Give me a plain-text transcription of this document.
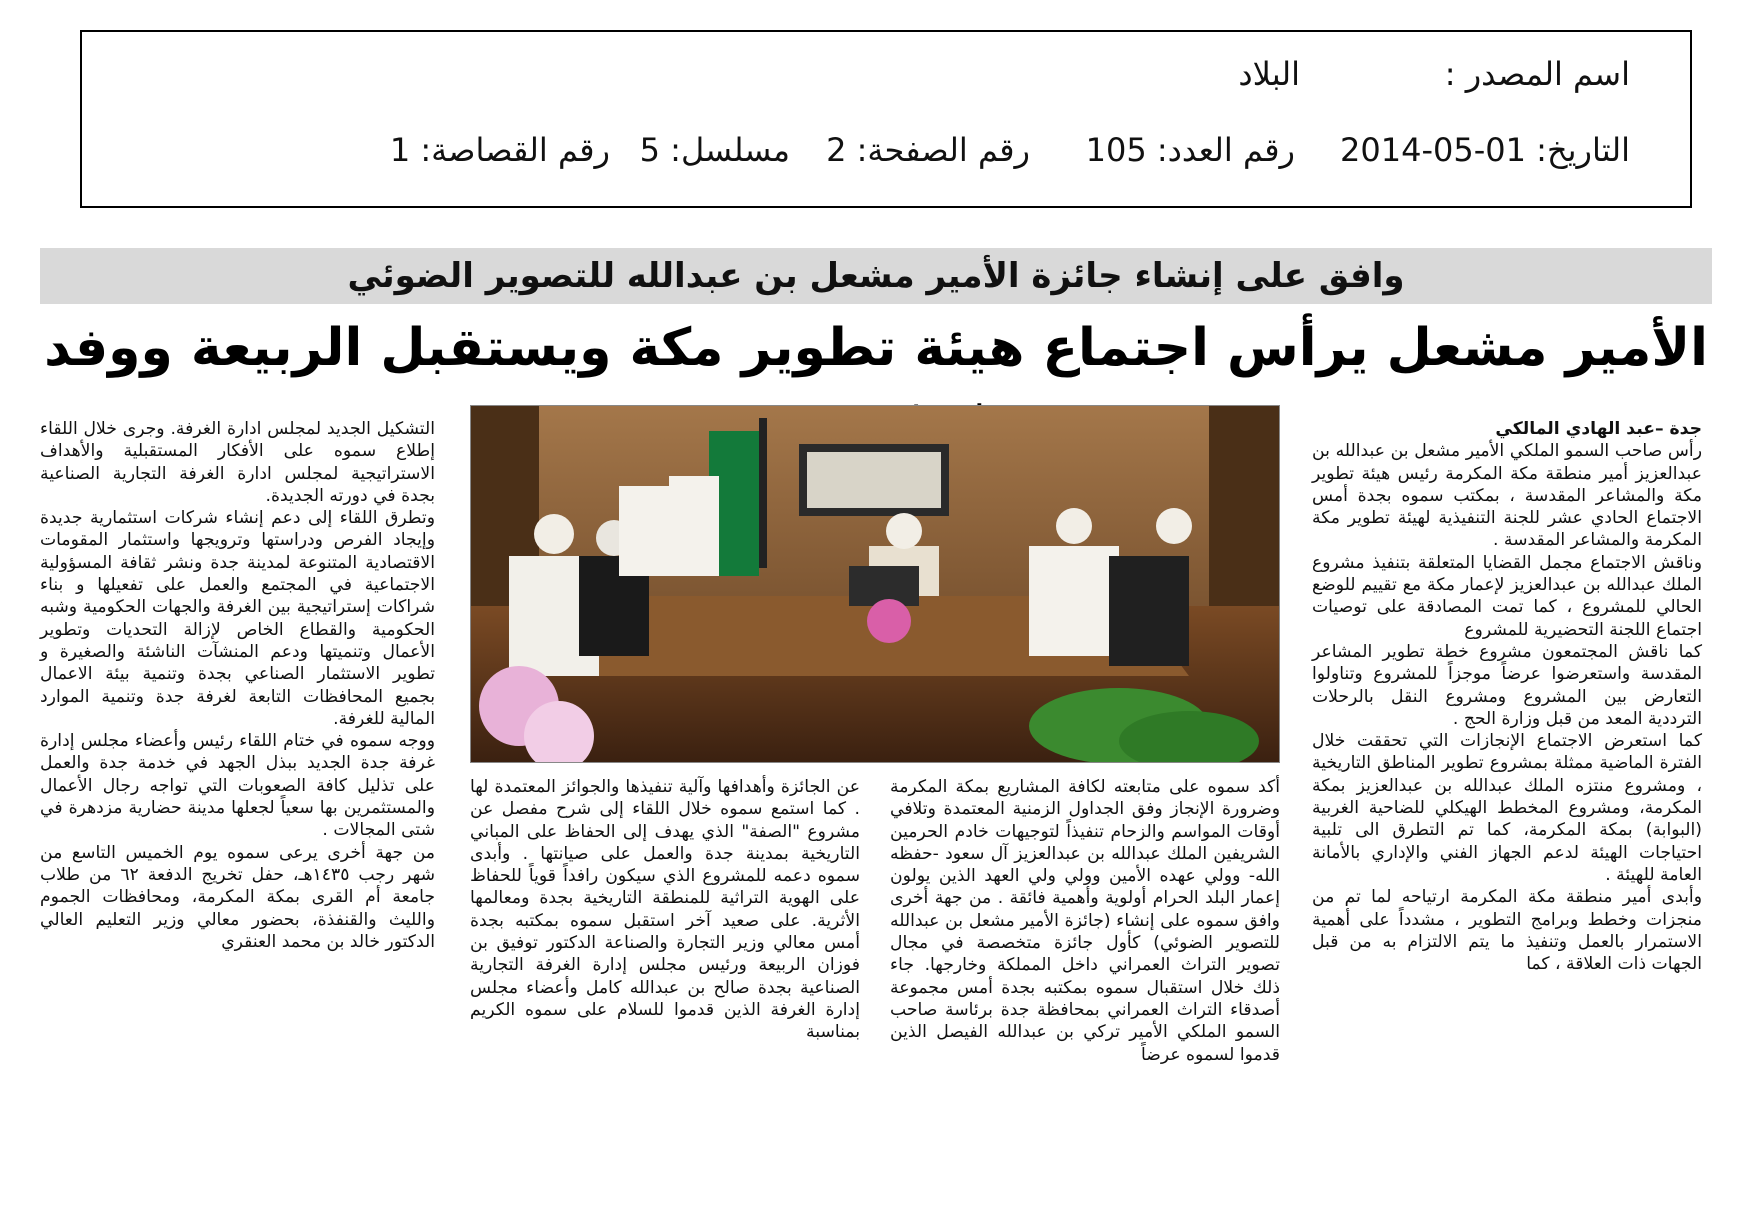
اسم المصدر :
البلاد
التاريخ: 01-05-2014
رقم العدد: 105
رقم الصفحة: 2
مسلسل: 5
رقم القصاصة: 1
وافق على إنشاء جائزة الأمير مشعل بن عبدالله للتصوير الضوئي
الأمير مشعل يرأس اجتماع هيئة تطوير مكة ويستقبل الربيعة ووفد

جدة –عبد الهادي المالكي

رأس صاحب السمو الملكي الأمير مشعل بن عبدالله بن عبدالعزيز أمير منطقة مكة المكرمة رئيس هيئة تطوير مكة والمشاعر المقدسة ، بمكتب سموه بجدة أمس الاجتماع الحادي عشر للجنة التنفيذية لهيئة تطوير مكة المكرمة والمشاعر المقدسة .

وناقش الاجتماع مجمل القضايا المتعلقة بتنفيذ مشروع الملك عبدالله بن عبدالعزيز لإعمار مكة مع تقييم للوضع الحالي للمشروع ، كما تمت المصادقة على توصيات اجتماع اللجنة التحضيرية للمشروع

كما ناقش المجتمعون مشروع خطة تطوير المشاعر المقدسة واستعرضوا عرضاً موجزاً للمشروع وتناولوا التعارض بين المشروع ومشروع النقل بالرحلات الترددية المعد من قبل وزارة الحج .

كما استعرض الاجتماع الإنجازات التي تحققت خلال الفترة الماضية ممثلة بمشروع تطوير المناطق التاريخية ، ومشروع منتزه الملك عبدالله بن عبدالعزيز بمكة المكرمة، ومشروع المخطط الهيكلي للضاحية الغربية (البوابة) بمكة المكرمة، كما تم التطرق الى تلبية احتياجات الهيئة لدعم الجهاز الفني والإداري بالأمانة العامة للهيئة .

وأبدى أمير منطقة مكة المكرمة ارتياحه لما تم من منجزات وخطط وبرامج التطوير ، مشدداً على أهمية الاستمرار بالعمل وتنفيذ ما يتم الالتزام به من قبل الجهات ذات العلاقة ، كما

أكد سموه على متابعته لكافة المشاريع بمكة المكرمة وضرورة الإنجاز وفق الجداول الزمنية المعتمدة وتلافي أوقات المواسم والزحام تنفيذاً لتوجيهات خادم الحرمين الشريفين الملك عبدالله بن عبدالعزيز آل سعود -حفظه الله- وولي عهده الأمين وولي ولي العهد الذين يولون إعمار البلد الحرام أولوية وأهمية فائقة . من جهة أخرى وافق سموه على إنشاء (جائزة الأمير مشعل بن عبدالله للتصوير الضوئي) كأول جائزة متخصصة في مجال تصوير التراث العمراني داخل المملكة وخارجها. جاء ذلك خلال استقبال سموه بمكتبه بجدة أمس مجموعة أصدقاء التراث العمراني بمحافظة جدة برئاسة صاحب السمو الملكي الأمير تركي بن عبدالله الفيصل الذين قدموا لسموه عرضاً

عن الجائزة وأهدافها وآلية تنفيذها والجوائز المعتمدة لها . كما استمع سموه خلال اللقاء إلى شرح مفصل عن مشروع "الصفة" الذي يهدف إلى الحفاظ على المباني التاريخية بمدينة جدة والعمل على صيانتها . وأبدى سموه دعمه للمشروع الذي سيكون رافداً قوياً للحفاظ على الهوية التراثية للمنطقة التاريخية بجدة ومعالمها الأثرية. على صعيد آخر استقبل سموه بمكتبه بجدة أمس معالي وزير التجارة والصناعة الدكتور توفيق بن فوزان الربيعة ورئيس مجلس إدارة الغرفة التجارية الصناعية بجدة صالح بن عبدالله كامل وأعضاء مجلس إدارة الغرفة الذين قدموا للسلام على سموه الكريم بمناسبة

التشكيل الجديد لمجلس ادارة الغرفة. وجرى خلال اللقاء إطلاع سموه على الأفكار المستقبلية والأهداف الاستراتيجية لمجلس ادارة الغرفة التجارية الصناعية بجدة في دورته الجديدة.

وتطرق اللقاء إلى دعم إنشاء شركات استثمارية جديدة وإيجاد الفرص ودراستها وترويجها واستثمار المقومات الاقتصادية المتنوعة لمدينة جدة ونشر ثقافة المسؤولية الاجتماعية في المجتمع والعمل على تفعيلها و بناء شراكات إستراتيجية بين الغرفة والجهات الحكومية وشبه الحكومية والقطاع الخاص لإزالة التحديات وتطوير الأعمال وتنميتها ودعم المنشآت الناشئة والصغيرة و تطوير الاستثمار الصناعي بجدة وتنمية بيئة الاعمال بجميع المحافظات التابعة لغرفة جدة وتنمية الموارد المالية للغرفة.

ووجه سموه في ختام اللقاء رئيس وأعضاء مجلس إدارة غرفة جدة الجديد ببذل الجهد في خدمة جدة والعمل على تذليل كافة الصعوبات التي تواجه رجال الأعمال والمستثمرين بها سعياً لجعلها مدينة حضارية مزدهرة في شتى المجالات .

من جهة أخرى يرعى سموه يوم الخميس التاسع من شهر رجب ١٤٣٥هـ، حفل تخريج الدفعة ٦٢ من طلاب جامعة أم القرى بمكة المكرمة، ومحافظات الجموم والليث والقنفذة، بحضور معالي وزير التعليم العالي الدكتور خالد بن محمد العنقري
